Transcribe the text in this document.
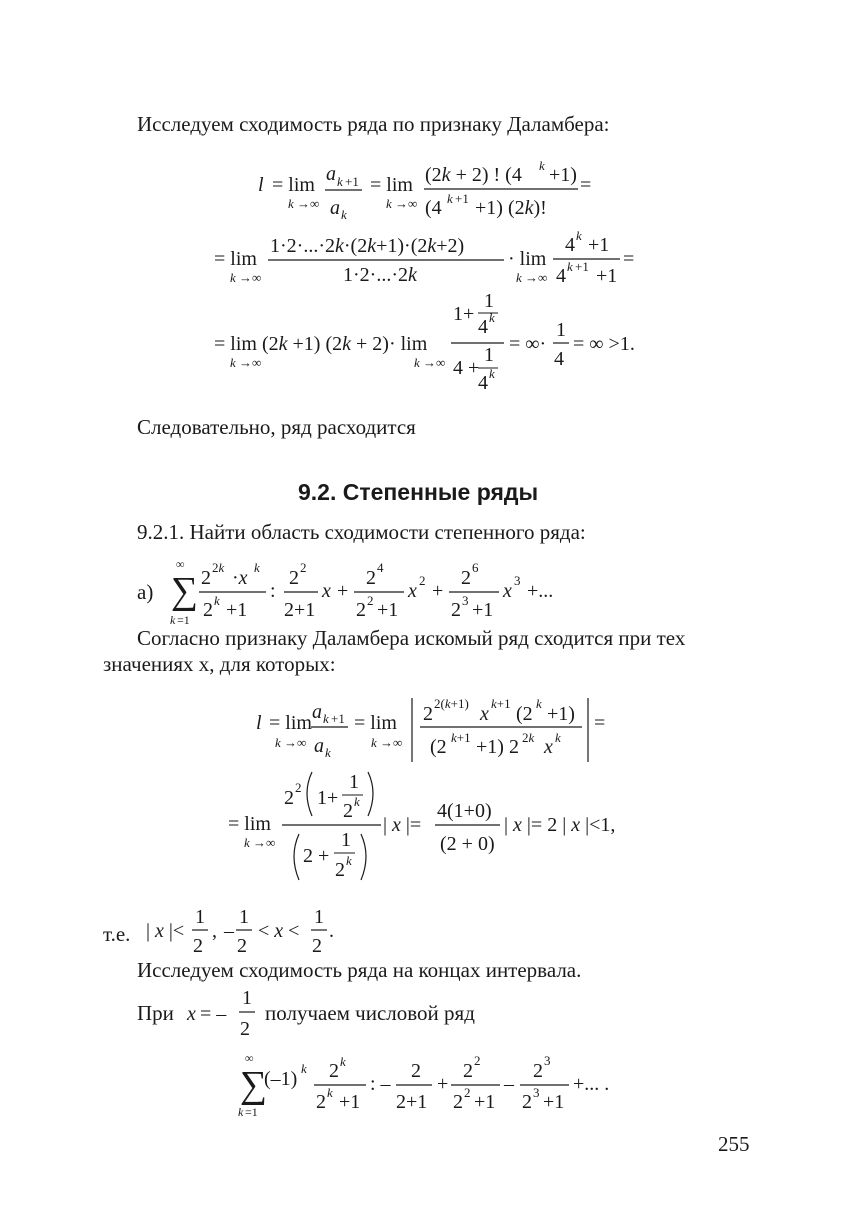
Исследуем сходимость ряда по признаку Даламбера:
l = lim
k →∞
a k +1
a k
= lim
k →∞
(2k + 2) ! (4 k +1)
(4 k +1 +1) (2k)!
=
= lim
k →∞
1·2·...·2k·(2k+1)·(2k+2)
1·2·...·2k
· lim
k →∞
4 k +1
4 k +1 +1
=
= lim (2k +1) (2k + 2)· lim
k →∞	k →∞
1
1+
4 k
1
4 +
4 k
= ∞·
1
4
= ∞ >1.
Следовательно, ряд расходится
9.2. Степенные ряды
9.2.1. Найти область сходимости степенного ряда:
а)
∞
∑
k =1
2 2k ·x k
2 k +1
:
2 2
2+1
x +
2 4
2 2 +1
x 2 +
2 6
2 3 +1
x 3 +...
Согласно признаку Даламбера искомый ряд сходится при тех
значениях x, для которых:
l = lim
k →∞
a k +1
a k
= lim
k →∞
2 2(k+1) x k+1 (2 k +1)
(2 k+1 +1) 2 2k x k
=
= lim
k →∞
2 2 1+
1
2 k
2 +
1
2 k
| x |=
4(1+0)
(2 + 0)
| x |= 2 | x |<1,
т.е. | x |<
1
2
, –
1
2
< x <
1
2
.
Исследуем сходимость ряда на концах интервала.
При x = –
1
2
получаем числовой ряд
∞
∑
k =1
(–1) k 2 k
2 k +1
: –
2
2+1
+
2 2
2 2 +1
–
2 3
2 3 +1
+... .
255
